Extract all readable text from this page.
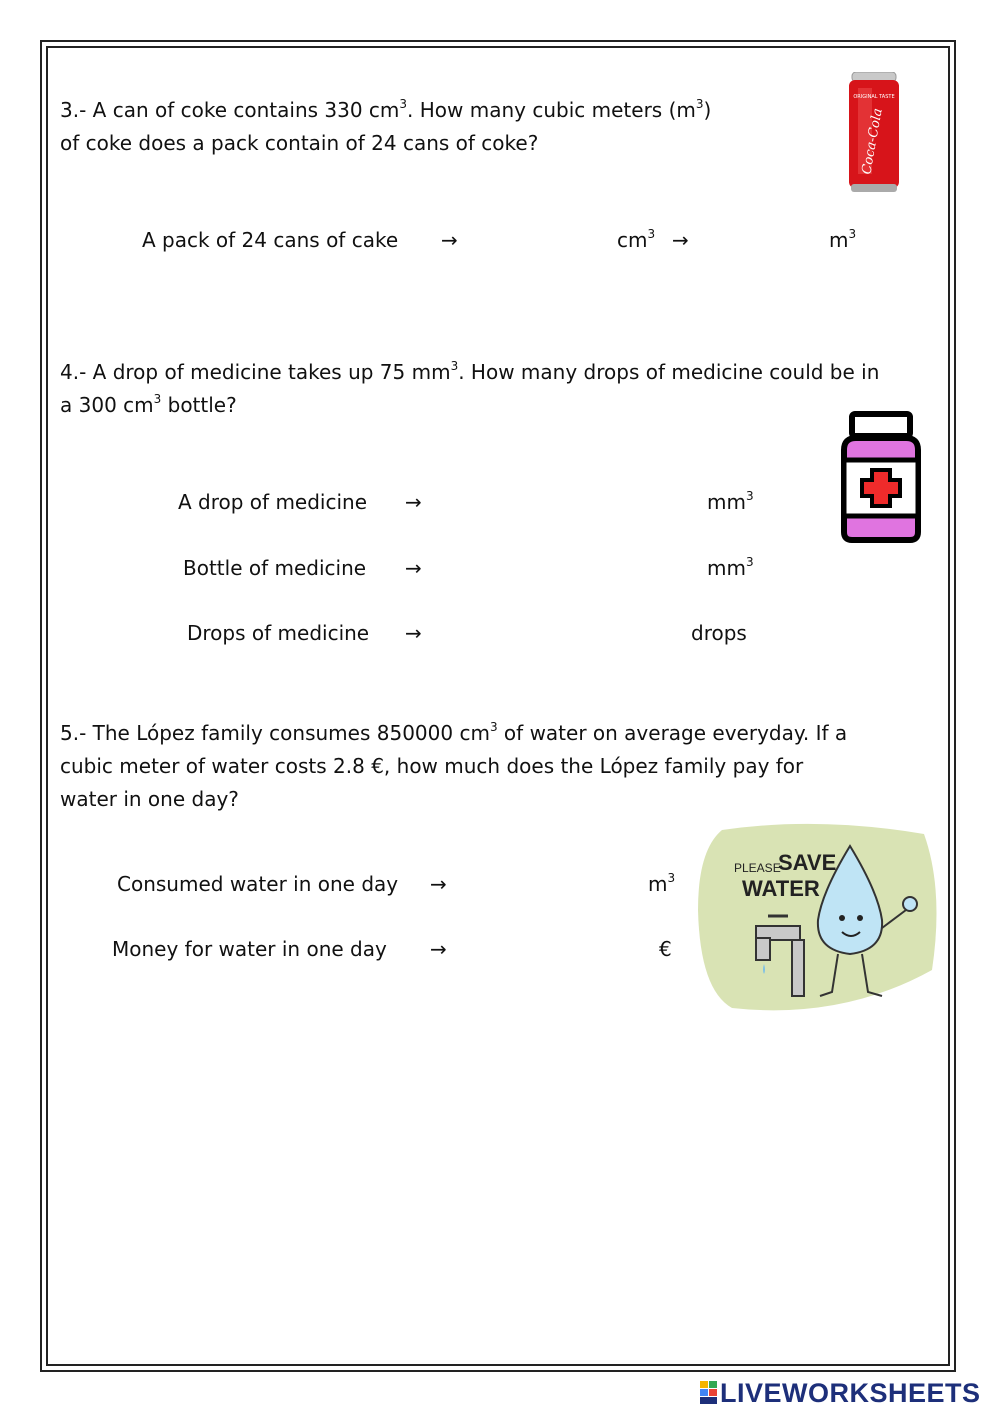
3.- A can of coke contains 330 $cm^3$. How many cubic meters $(m^3)$
of coke does a pack contain of 24 cans of coke?
ORIGINAL TASTE
Coca-Cola
A pack of 24 cans of cake →	$cm^3$ →	$m^3$
4.- A drop of medicine takes up 75 $mm^3$. How many drops of medicine could be in
a 300 $cm^3$ bottle?
A drop of medicine →	$mm^3$
Bottle of medicine →	$mm^3$
Drops of medicine →	drops
5.- The López family consumes 850000 $cm^3$ of water on average everyday. If a
cubic meter of water costs 2.8 €, how much does the López family pay for
water in one day?
Consumed water in one day →	$m^3$
Money for water in one day →	€
PLEASE
SAVE
WATER
LIVEWORKSHEETS
